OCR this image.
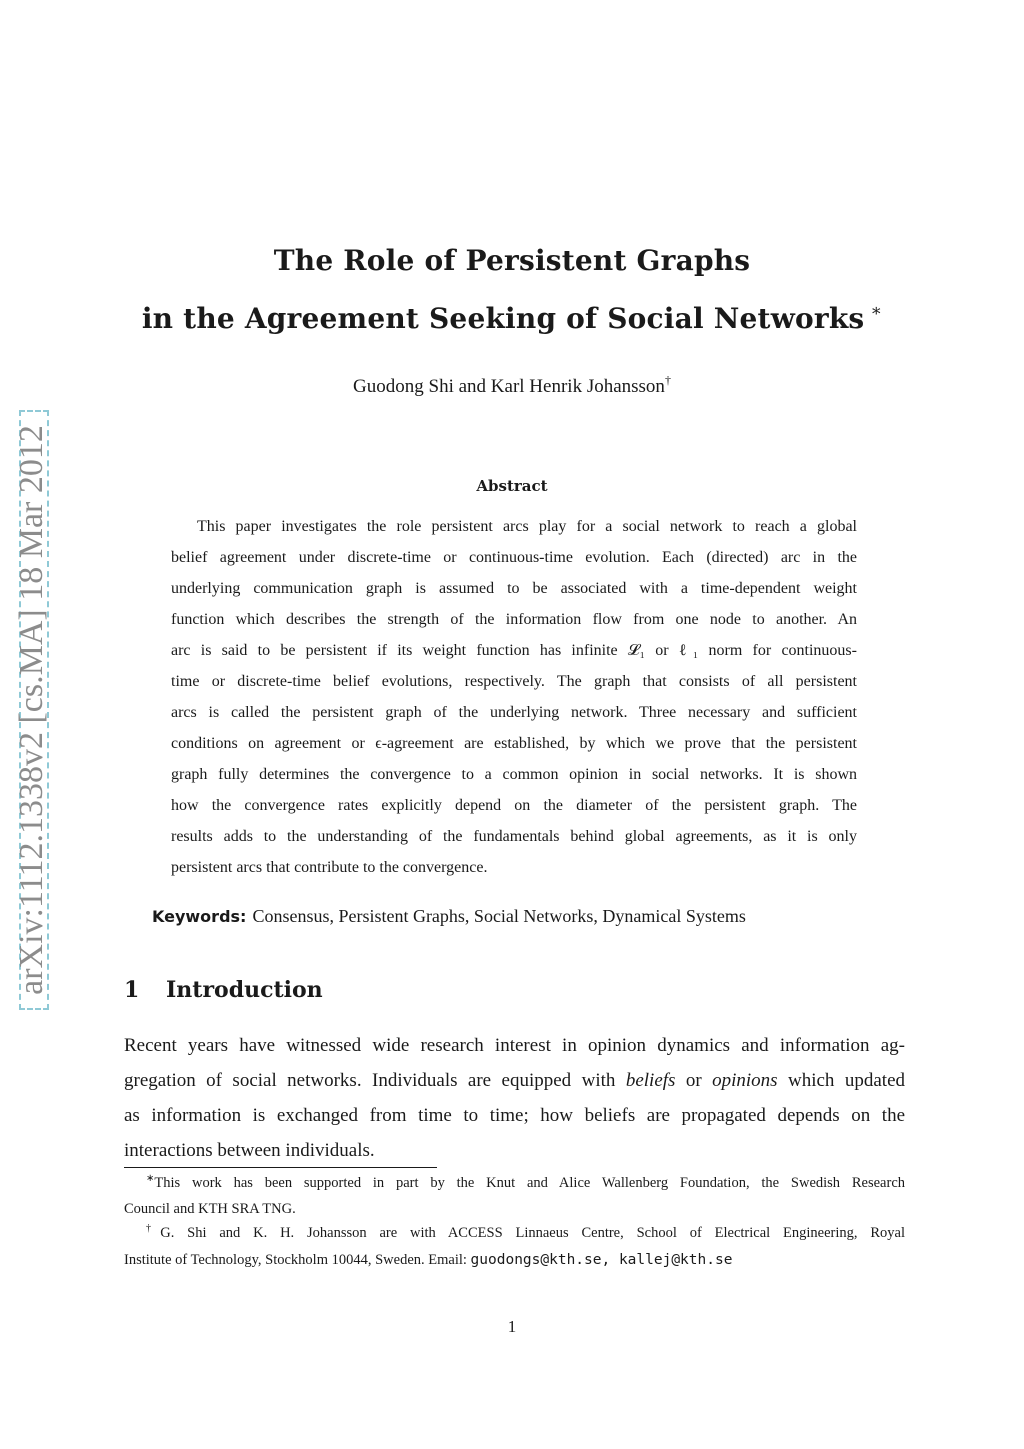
arXiv:1112.1338v2 [cs.MA] 18 Mar 2012
The Role of Persistent Graphs
in the Agreement Seeking of Social Networks ∗
Guodong Shi and Karl Henrik Johansson†
Abstract
This paper investigates the role persistent arcs play for a social network to reach a global
belief agreement under discrete-time or continuous-time evolution. Each (directed) arc in the
underlying communication graph is assumed to be associated with a time-dependent weight
function which describes the strength of the information flow from one node to another. An
arc is said to be persistent if its weight function has infinite 𝓛₁ or ℓ₁ norm for continuous-
time or discrete-time belief evolutions, respectively. The graph that consists of all persistent
arcs is called the persistent graph of the underlying network. Three necessary and sufficient
conditions on agreement or ϵ-agreement are established, by which we prove that the persistent
graph fully determines the convergence to a common opinion in social networks. It is shown
how the convergence rates explicitly depend on the diameter of the persistent graph. The
results adds to the understanding of the fundamentals behind global agreements, as it is only
persistent arcs that contribute to the convergence.
Keywords: Consensus, Persistent Graphs, Social Networks, Dynamical Systems
1 Introduction
Recent years have witnessed wide research interest in opinion dynamics and information ag-
gregation of social networks. Individuals are equipped with beliefs or opinions which updated
as information is exchanged from time to time; how beliefs are propagated depends on the
interactions between individuals.
∗This work has been supported in part by the Knut and Alice Wallenberg Foundation, the Swedish Research
Council and KTH SRA TNG.
†G. Shi and K. H. Johansson are with ACCESS Linnaeus Centre, School of Electrical Engineering, Royal
Institute of Technology, Stockholm 10044, Sweden. Email: guodongs@kth.se, kallej@kth.se
1
